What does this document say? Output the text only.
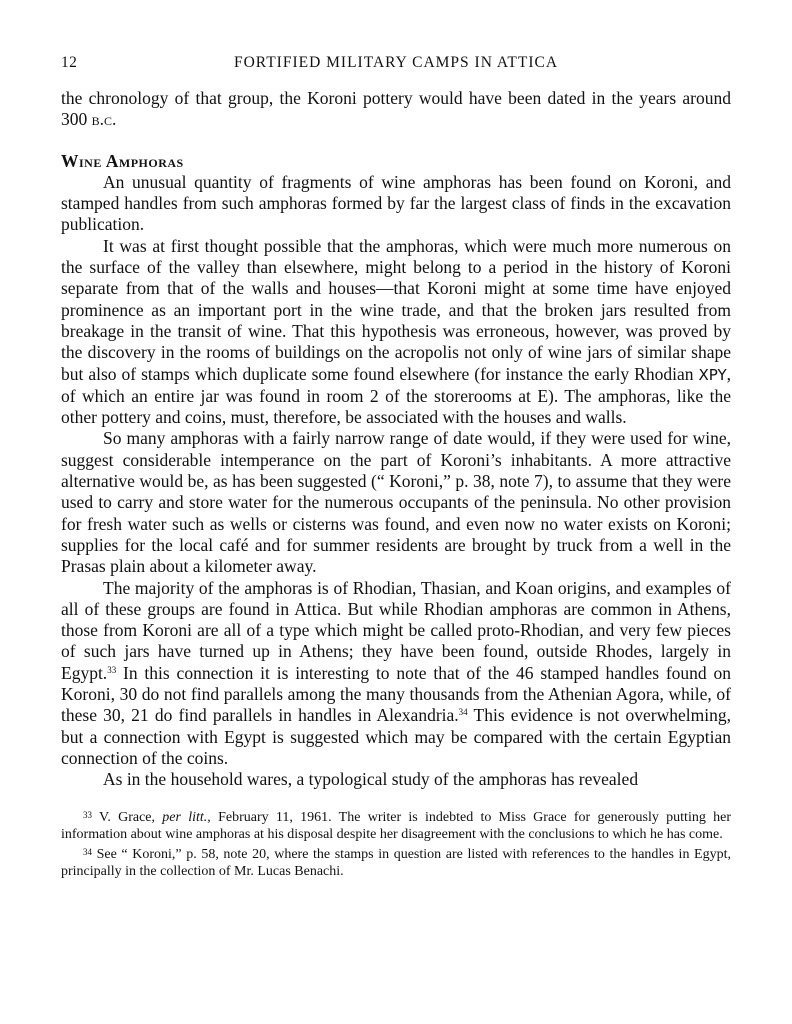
12	FORTIFIED MILITARY CAMPS IN ATTICA

the chronology of that group, the Koroni pottery would have been dated in the years around 300 b.c.

Wine Amphoras

An unusual quantity of fragments of wine amphoras has been found on Koroni, and stamped handles from such amphoras formed by far the largest class of finds in the excavation publication.

It was at first thought possible that the amphoras, which were much more numerous on the surface of the valley than elsewhere, might belong to a period in the history of Koroni separate from that of the walls and houses—that Koroni might at some time have enjoyed prominence as an important port in the wine trade, and that the broken jars resulted from breakage in the transit of wine. That this hypothesis was erroneous, however, was proved by the discovery in the rooms of buildings on the acropolis not only of wine jars of similar shape but also of stamps which duplicate some found elsewhere (for instance the early Rhodian XPY, of which an entire jar was found in room 2 of the storerooms at E). The amphoras, like the other pottery and coins, must, therefore, be associated with the houses and walls.

So many amphoras with a fairly narrow range of date would, if they were used for wine, suggest considerable intemperance on the part of Koroni’s inhabitants. A more attractive alternative would be, as has been suggested (“ Koroni,” p. 38, note 7), to assume that they were used to carry and store water for the numerous occupants of the peninsula. No other provision for fresh water such as wells or cisterns was found, and even now no water exists on Koroni; supplies for the local café and for summer residents are brought by truck from a well in the Prasas plain about a kilometer away.

The majority of the amphoras is of Rhodian, Thasian, and Koan origins, and examples of all of these groups are found in Attica. But while Rhodian amphoras are common in Athens, those from Koroni are all of a type which might be called proto-Rhodian, and very few pieces of such jars have turned up in Athens; they have been found, outside Rhodes, largely in Egypt.$^{33}$ In this connection it is interesting to note that of the 46 stamped handles found on Koroni, 30 do not find parallels among the many thousands from the Athenian Agora, while, of these 30, 21 do find parallels in handles in Alexandria.$^{34}$ This evidence is not overwhelming, but a connection with Egypt is suggested which may be compared with the certain Egyptian connection of the coins.

As in the household wares, a typological study of the amphoras has revealed

$^{33}$ V. Grace, per litt., February 11, 1961. The writer is indebted to Miss Grace for generously putting her information about wine amphoras at his disposal despite her disagreement with the conclusions to which he has come.

$^{34}$ See “ Koroni,” p. 58, note 20, where the stamps in question are listed with references to the handles in Egypt, principally in the collection of Mr. Lucas Benachi.
